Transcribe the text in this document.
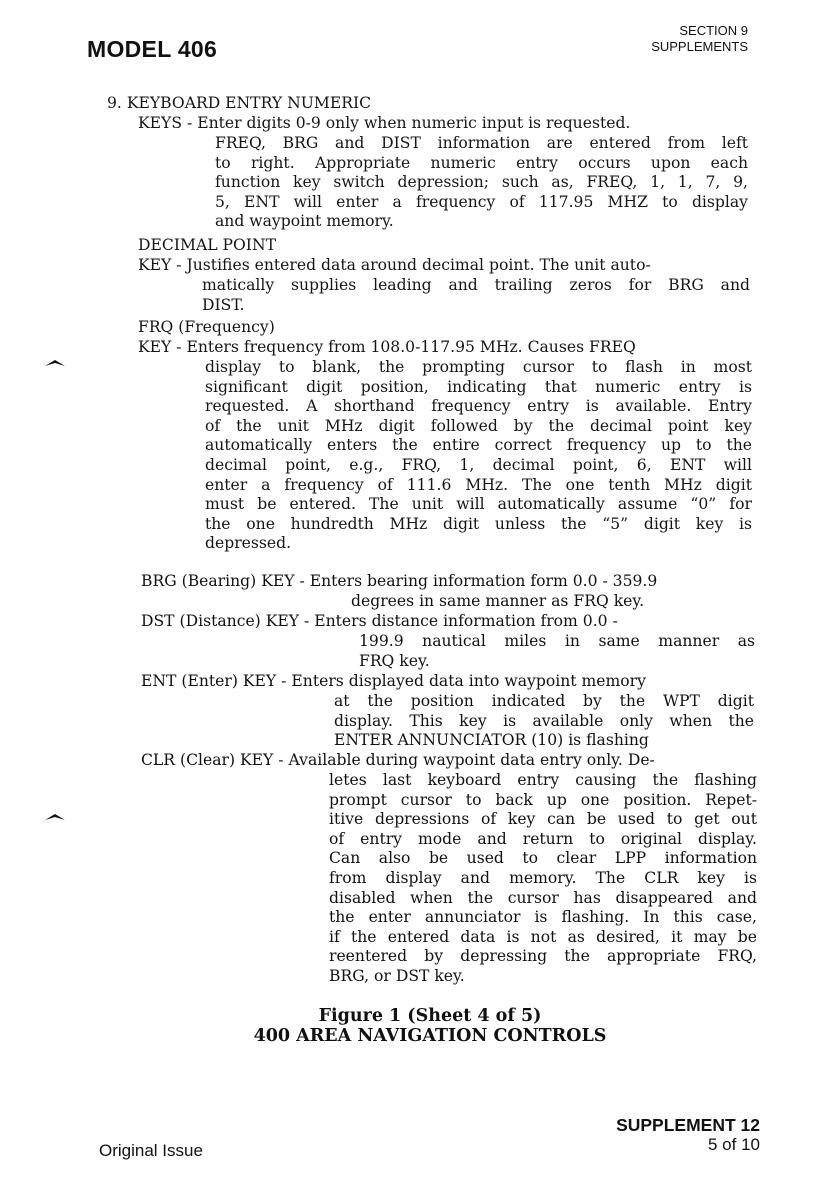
MODEL 406
SECTION 9
SUPPLEMENTS
9. KEYBOARD ENTRY NUMERIC
KEYS - Enter digits 0-9 only when numeric input is requested.
FREQ, BRG and DIST information are entered from left
to right. Appropriate numeric entry occurs upon each
function key switch depression; such as, FREQ, 1, 1, 7, 9,
5, ENT will enter a frequency of 117.95 MHZ to display
and waypoint memory.
DECIMAL POINT
KEY - Justifies entered data around decimal point. The unit auto-
matically supplies leading and trailing zeros for BRG and
DIST.
FRQ (Frequency)
KEY - Enters frequency from 108.0-117.95 MHz. Causes FREQ
display to blank, the prompting cursor to flash in most
significant digit position, indicating that numeric entry is
requested. A shorthand frequency entry is available. Entry
of the unit MHz digit followed by the decimal point key
automatically enters the entire correct frequency up to the
decimal point, e.g., FRQ, 1, decimal point, 6, ENT will
enter a frequency of 111.6 MHz. The one tenth MHz digit
must be entered. The unit will automatically assume “0” for
the one hundredth MHz digit unless the “5” digit key is
depressed.
BRG (Bearing) KEY - Enters bearing information form 0.0 - 359.9
degrees in same manner as FRQ key.
DST (Distance) KEY - Enters distance information from 0.0 -
199.9 nautical miles in same manner as
FRQ key.
ENT (Enter) KEY - Enters displayed data into waypoint memory
at the position indicated by the WPT digit
display. This key is available only when the
ENTER ANNUNCIATOR (10) is flashing
CLR (Clear) KEY - Available during waypoint data entry only. De-
letes last keyboard entry causing the flashing
prompt cursor to back up one position. Repet-
itive depressions of key can be used to get out
of entry mode and return to original display.
Can also be used to clear LPP information
from display and memory. The CLR key is
disabled when the cursor has disappeared and
the enter annunciator is flashing. In this case,
if the entered data is not as desired, it may be
reentered by depressing the appropriate FRQ,
BRG, or DST key.
Figure 1 (Sheet 4 of 5)
400 AREA NAVIGATION CONTROLS
Original Issue
SUPPLEMENT 12
5 of 10
